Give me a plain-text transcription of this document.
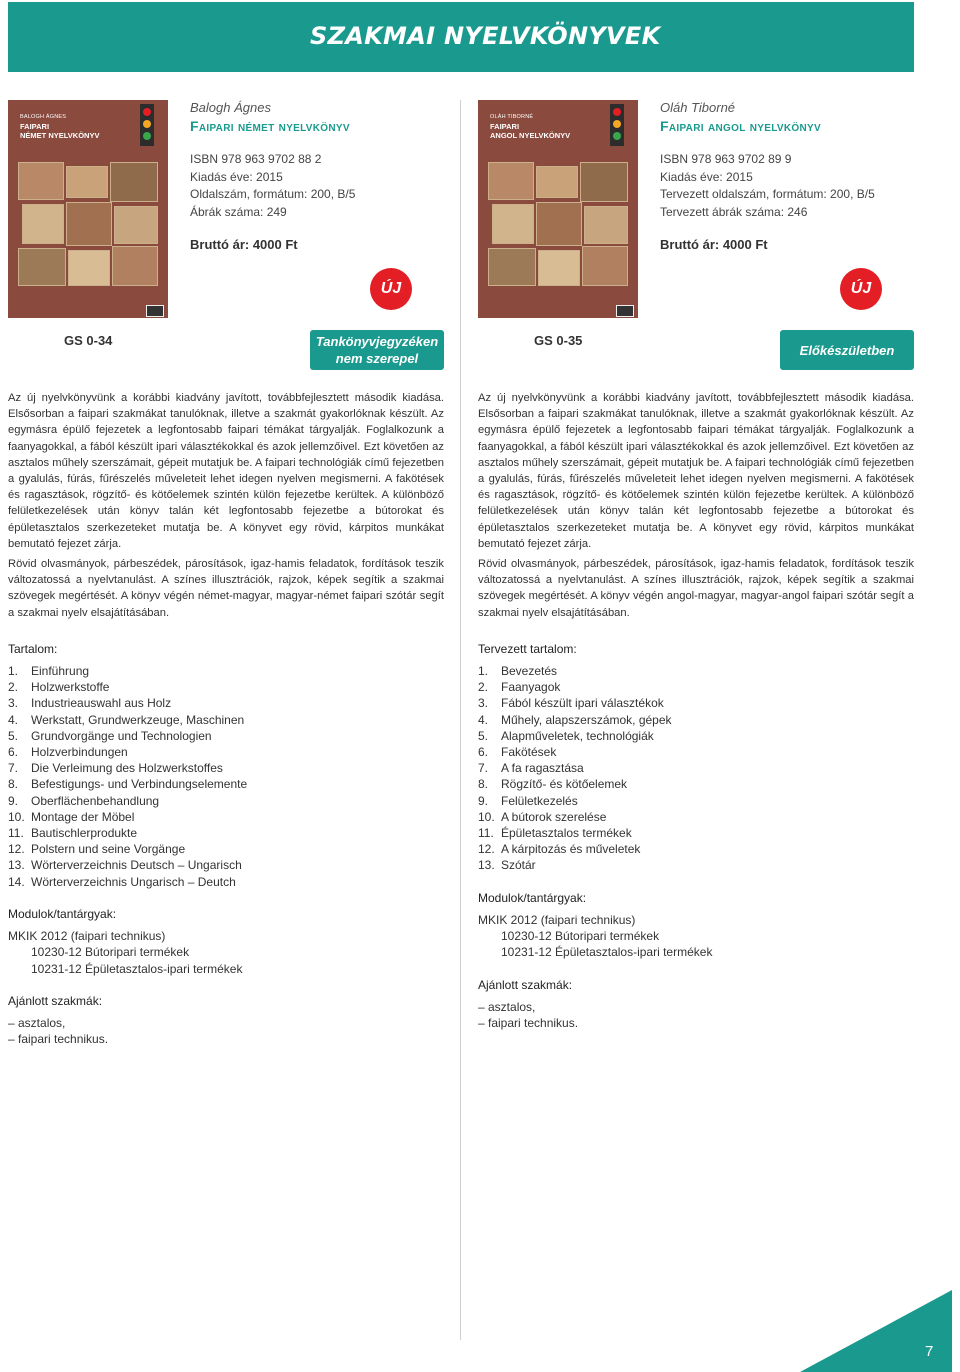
SZAKMAI NYELVKÖNYVEK
7
BALOGH ÁGNES
FAIPARI
NÉMET NYELVKÖNYV
Balogh Ágnes
Faipari német nyelvkönyv
ISBN 978 963 9702 88 2
Kiadás éve: 2015
Oldalszám, formátum: 200, B/5
Ábrák száma: 249
Bruttó ár: 4000 Ft
ÚJ
GS 0-34	Tankönyvjegyzéken
nem szerepel

Az új nyelvkönyvünk a korábbi kiadvány javított, továbbfejlesztett második kiadása. Elsősorban a faipari szakmákat tanulóknak, illetve a szakmát gyakorlóknak készült. Az egymásra épülő fejezetek a legfontosabb faipari témákat tárgyalják. Foglalkozunk a faanyagokkal, a fából készült ipari választékokkal és azok jellemzőivel. Ezt követően az asztalos műhely szerszámait, gépeit mutatjuk be. A faipari technológiák című fejezetben a gyalulás, fúrás, fűrészelés műveleteit lehet idegen nyelven megismerni. A fakötések és ragasztások, rögzítő- és kötőelemek szintén külön fejezetbe kerültek. A különböző felületkezelések után könyv talán két legfontosabb fejezetbe a bútorokat és épületasztalos szerkezeteket mutatja be. A könyvet egy rövid, kárpitos munkákat bemutató fejezet zárja.

Rövid olvasmányok, párbeszédek, párosítások, igaz-hamis feladatok, fordítások teszik változatossá a nyelvtanulást. A színes illusztrációk, rajzok, képek segítik a szakmai szövegek megértését. A könyv végén német-magyar, magyar-német faipari szótár segít a szakmai nyelv elsajátításában.

Tartalom:
1.	Einführung
2.	Holzwerkstoffe
3.	Industrieauswahl aus Holz
4.	Werkstatt, Grundwerkzeuge, Maschinen
5.	Grundvorgänge und Technologien
6.	Holzverbindungen
7.	Die Verleimung des Holzwerkstoffes
8.	Befestigungs- und Verbindungselemente
9.	Oberflächenbehandlung
10. Montage der Möbel
11. Bautischlerprodukte
12. Polstern und seine Vorgänge
13. Wörterverzeichnis Deutsch – Ungarisch
14. Wörterverzeichnis Ungarisch – Deutch
Modulok/tantárgyak:
MKIK 2012 (faipari technikus)
10230-12 Bútoripari termékek
10231-12 Épületasztalos-ipari termékek
Ajánlott szakmák:
– asztalos,
– faipari technikus.
OLÁH TIBORNÉ
FAIPARI
ANGOL NYELVKÖNYV
Oláh Tiborné
Faipari angol nyelvkönyv
ISBN 978 963 9702 89 9
Kiadás éve: 2015
Tervezett oldalszám, formátum: 200, B/5
Tervezett ábrák száma: 246
Bruttó ár: 4000 Ft
ÚJ
GS 0-35
Előkészületben

Az új nyelvkönyvünk a korábbi kiadvány javított, továbbfejlesztett második kiadása. Elsősorban a faipari szakmákat tanulóknak, illetve a szakmát gyakorlóknak készült. Az egymásra épülő fejezetek a legfontosabb faipari témákat tárgyalják. Foglalkozunk a faanyagokkal, a fából készült ipari választékokkal és azok jellemzőivel. Ezt követően az asztalos műhely szerszámait, gépeit mutatjuk be. A faipari technológiák című fejezetben a gyalulás, fúrás, fűrészelés műveleteit lehet idegen nyelven megismerni. A fakötések és ragasztások, rögzítő- és kötőelemek szintén külön fejezetbe kerültek. A különböző felületkezelések után könyv talán két legfontosabb fejezetbe a bútorokat és épületasztalos szerkezeteket mutatja be. A könyvet egy rövid, kárpitos munkákat bemutató fejezet zárja.

Rövid olvasmányok, párbeszédek, párosítások, igaz-hamis feladatok, fordítások teszik változatossá a nyelvtanulást. A színes illusztrációk, rajzok, képek segítik a szakmai szövegek megértését. A könyv végén angol-magyar, magyar-angol faipari szótár segít a szakmai nyelv elsajátításában.

Tervezett tartalom:
1.	Bevezetés
2.	Faanyagok
3.	Fából készült ipari választékok
4.	Műhely, alapszerszámok, gépek
5.	Alapműveletek, technológiák
6.	Fakötések
7.	A fa ragasztása
8.	Rögzítő- és kötőelemek
9.	Felületkezelés
10. A bútorok szerelése
11. Épületasztalos termékek
12. A kárpitozás és műveletek
13. Szótár
Modulok/tantárgyak:
MKIK 2012 (faipari technikus)
10230-12 Bútoripari termékek
10231-12 Épületasztalos-ipari termékek
Ajánlott szakmák:
– asztalos,
– faipari technikus.
